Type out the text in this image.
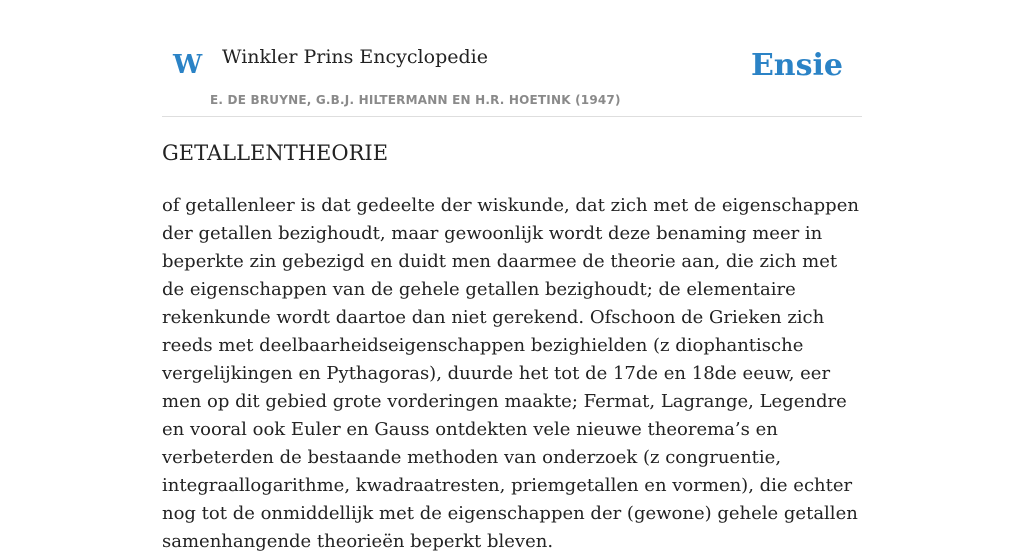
W Winkler Prins Encyclopedie
E. DE BRUYNE, G.B.J. HILTERMANN EN H.R. HOETINK (1947)
Ensie
GETALLENTHEORIE

of getallenleer is dat gedeelte der wiskunde, dat zich met de eigenschappen der getallen bezighoudt, maar gewoonlijk wordt deze benaming meer in beperkte zin gebezigd en duidt men daarmee de theorie aan, die zich met de eigenschappen van de gehele getallen bezighoudt; de elementaire rekenkunde wordt daartoe dan niet gerekend. Ofschoon de Grieken zich reeds met deelbaarheidseigenschappen bezighielden (z diophantische vergelijkingen en Pythagoras), duurde het tot de 17de en 18de eeuw, eer men op dit gebied grote vorderingen maakte; Fermat, Lagrange, Legendre en vooral ook Euler en Gauss ontdekten vele nieuwe theorema’s en verbeterden de bestaande methoden van onderzoek (z congruentie, integraallogarithme, kwadraatresten, priemgetallen en vormen), die echter nog tot de onmiddellijk met de eigenschappen der (gewone) gehele getallen samenhangende theorieën beperkt bleven.
